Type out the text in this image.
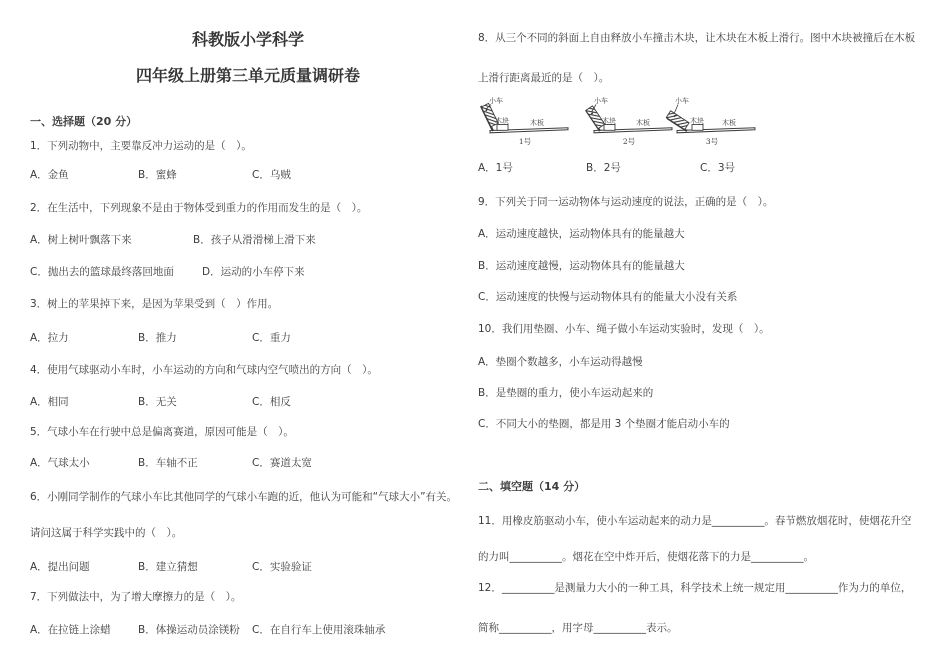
科教版小学科学
四年级上册第三单元质量调研卷
一、选择题（20 分）
1．下列动物中，主要靠反冲力运动的是（　）。
A．金鱼	B．蜜蜂	C．乌贼
2．在生活中，下列现象不是由于物体受到重力的作用而发生的是（　）。
A．树上树叶飘落下来	B．孩子从滑滑梯上滑下来
C．抛出去的篮球最终落回地面	D．运动的小车停下来
3．树上的苹果掉下来，是因为苹果受到（　）作用。
A．拉力	B．推力	C．重力
4．使用气球驱动小车时，小车运动的方向和气球内空气喷出的方向（　）。
A．相同	B．无关	C．相反
5．气球小车在行驶中总是偏离赛道，原因可能是（　）。
A．气球太小	B．车轴不正	C．赛道太宽
6．小刚同学制作的气球小车比其他同学的气球小车跑的近，他认为可能和“气球大小”有关。
请问这属于科学实践中的（　）。
A．提出问题	B．建立猜想	C．实验验证
7．下列做法中，为了增大摩擦力的是（　）。
A．在拉链上涂蜡	B．体操运动员涂镁粉 C．在自行车上使用滚珠轴承
8．从三个不同的斜面上自由释放小车撞击木块，让木块在木板上滑行。图中木块被撞后在木板
上滑行距离最近的是（　）。
小车
木块	木板
1号
小车
木块	木板
2号
小车
木块	木板
3号
A．1号	B．2号	C．3号
9．下列关于同一运动物体与运动速度的说法，正确的是（　）。
A．运动速度越快，运动物体具有的能量越大
B．运动速度越慢，运动物体具有的能量越大
C．运动速度的快慢与运动物体具有的能量大小没有关系
10．我们用垫圈、小车、绳子做小车运动实验时，发现（　）。
A．垫圈个数越多，小车运动得越慢
B．是垫圈的重力，使小车运动起来的
C．不同大小的垫圈，都是用 3 个垫圈才能启动小车的
二、填空题（14 分）
11．用橡皮筋驱动小车，使小车运动起来的动力是__________。春节燃放烟花时，使烟花升空
的力叫__________。烟花在空中炸开后，使烟花落下的力是__________。
12．__________是测量力大小的一种工具，科学技术上统一规定用__________作为力的单位，
简称__________，用字母__________表示。
